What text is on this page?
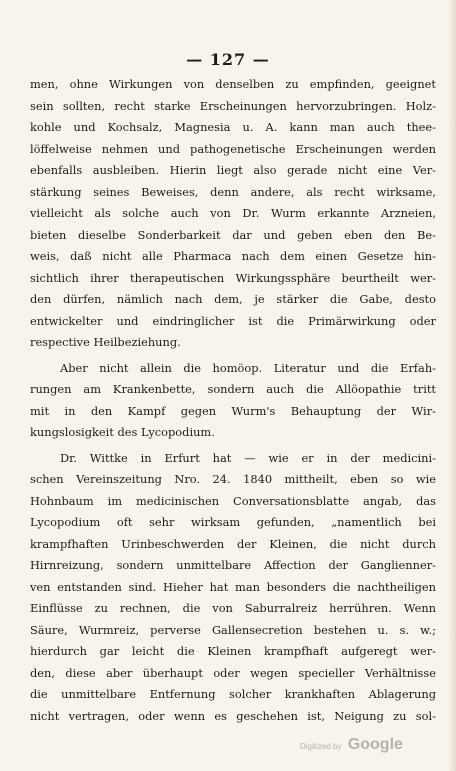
— 127 —
men, ohne Wirkungen von denselben zu empfinden, geeignet
sein sollten, recht starke Erscheinungen hervorzubringen. Holz-
kohle und Kochsalz, Magnesia u. A. kann man auch thee-
löffelweise nehmen und pathogenetische Erscheinungen werden
ebenfalls ausbleiben. Hierin liegt also gerade nicht eine Ver-
stärkung seines Beweises, denn andere, als recht wirksame,
vielleicht als solche auch von Dr. Wurm erkannte Arzneien,
bieten dieselbe Sonderbarkeit dar und geben eben den Be-
weis, daß nicht alle Pharmaca nach dem einen Gesetze hin-
sichtlich ihrer therapeutischen Wirkungssphäre beurtheilt wer-
den dürfen, nämlich nach dem, je stärker die Gabe, desto
entwickelter und eindringlicher ist die Primärwirkung oder
respective Heilbeziehung.
Aber nicht allein die homöop. Literatur und die Erfah-
rungen am Krankenbette, sondern auch die Allöopathie tritt
mit in den Kampf gegen Wurm's Behauptung der Wir-
kungslosigkeit des Lycopodium.
Dr. Wittke in Erfurt hat — wie er in der medicini-
schen Vereinszeitung Nro. 24. 1840 mittheilt, eben so wie
Hohnbaum im medicinischen Conversationsblatte angab, das
Lycopodium oft sehr wirksam gefunden, „namentlich bei
krampfhaften Urinbeschwerden der Kleinen, die nicht durch
Hirnreizung, sondern unmittelbare Affection der Ganglienner-
ven entstanden sind. Hieher hat man besonders die nachtheiligen
Einflüsse zu rechnen, die von Saburralreiz herrühren. Wenn
Säure, Wurmreiz, perverse Gallensecretion bestehen u. s. w.;
hierdurch gar leicht die Kleinen krampfhaft aufgeregt wer-
den, diese aber überhaupt oder wegen specieller Verhältnisse
die unmittelbare Entfernung solcher krankhaften Ablagerung
nicht vertragen, oder wenn es geschehen ist, Neigung zu sol-
Digitized by Google
